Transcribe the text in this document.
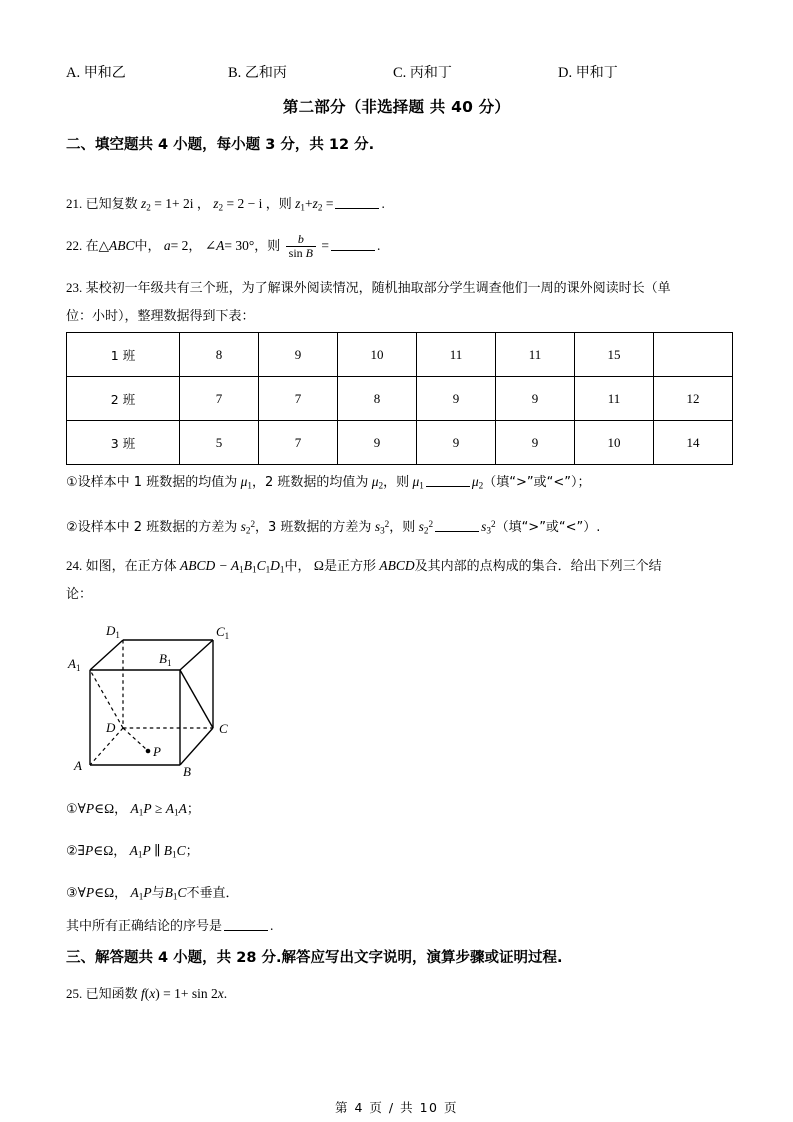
A. 甲和乙	B. 乙和丙	C. 丙和丁	D. 甲和丁
第二部分（非选择题 共 40 分）
二、填空题共 4 小题，每小题 3 分，共 12 分.
21. 已知复数 $z_2 = 1+ 2i$ ， $z_2 = 2 - i$ ，则 $z_1+z_2$ =	.
22. 在△ABC中， a= 2， ∠A= 30°，则 $\frac{b}{\text{sin B}}$ =	.
23. 某校初一年级共有三个班，为了解课外阅读情况，随机抽取部分学生调查他们一周的课外阅读时长（单
位：小时），整理数据得到下表：
1 班	8	9	10	11	11	15	
2 班	7	7	8	9	9	11	12
3 班	5	7	9	9	9	10	14
①设样本中 1 班数据的均值为 $\mu_1$，2 班数据的均值为 $\mu_2$，则 $\mu_1$	$\mu_2$（填“>”或“<”）；
②设样本中 2 班数据的方差为 $s_2^2$，3 班数据的方差为 $s_3^2$，则 $s_2^2$	$s_3^2$（填“>”或“<”）.
24. 如图，在正方体 ABCD − $A_1B_1C_1D_1$中， Ω是正方形 ABCD及其内部的点构成的集合．给出下列三个结
论：
A	B
C
D
$A_1$
$B_1$
$C_1$
$D_1$
P
①∀P∈Ω， $A_1P \ge A_1A$；
②∃P∈Ω， $A_1P$ ∥ $B_1C$；
③∀P∈Ω， $A_1P$与$B_1C$不垂直．
其中所有正确结论的序号是	.
三、解答题共 4 小题，共 28 分.解答应写出文字说明，演算步骤或证明过程.
25. 已知函数 f(x) = 1+ sin 2x.
第 4 页 / 共 10 页
